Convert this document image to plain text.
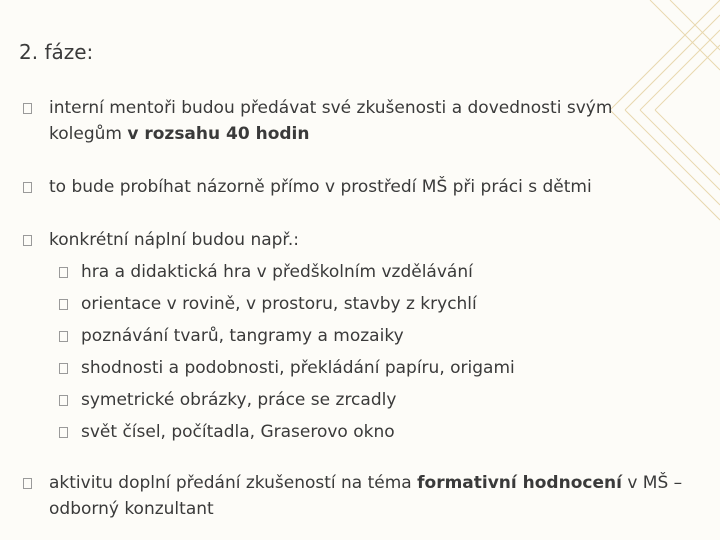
2. fáze:
interní mentoři budou předávat své zkušenosti a dovednosti svým
kolegům v rozsahu 40 hodin
to bude probíhat názorně přímo v prostředí MŠ při práci s dětmi
konkrétní náplní budou např.:
hra a didaktická hra v předškolním vzdělávání
orientace v rovině, v prostoru, stavby z krychlí
poznávání tvarů, tangramy a mozaiky
shodnosti a podobnosti, překládání papíru, origami
symetrické obrázky, práce se zrcadly
svět čísel, počítadla, Graserovo okno
aktivitu doplní předání zkušeností na téma formativní hodnocení v MŠ –
odborný konzultant
